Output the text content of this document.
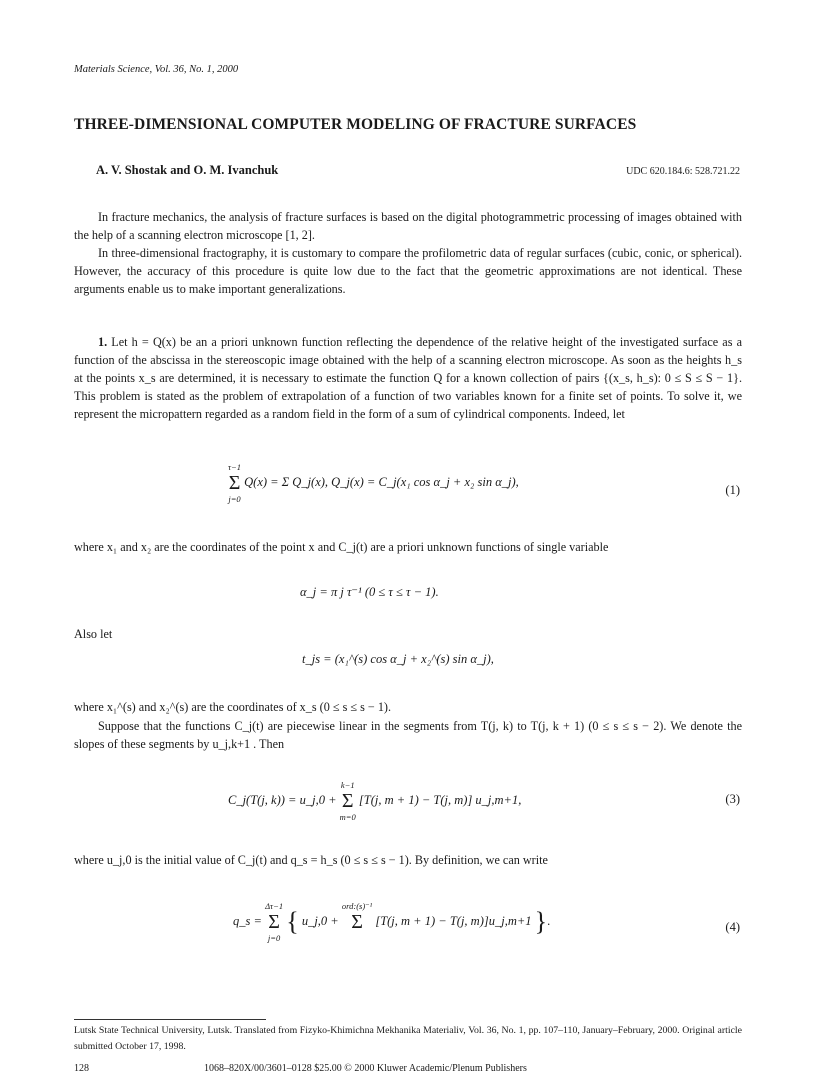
Materials Science, Vol. 36, No. 1, 2000
THREE-DIMENSIONAL COMPUTER MODELING OF FRACTURE SURFACES
A. V. Shostak and O. M. Ivanchuk	UDC 620.184.6: 528.721.22

In fracture mechanics, the analysis of fracture surfaces is based on the digital photogrammetric processing of images obtained with the help of a scanning electron microscope [1, 2].

In three-dimensional fractography, it is customary to compare the profilometric data of regular surfaces (cubic, conic, or spherical). However, the accuracy of this procedure is quite low due to the fact that the geometric approximations are not identical. These arguments enable us to make important generalizations.

1. Let h = Q(x) be an a priori unknown function reflecting the dependence of the relative height of the investigated surface as a function of the abscissa in the stereoscopic image obtained with the help of a scanning electron microscope. As soon as the heights h_s at the points x_s are determined, it is necessary to estimate the function Q for a known collection of pairs {(x_s, h_s): 0 ≤ S ≤ S − 1}. This problem is stated as the problem of extrapolation of a function of two variables known for a finite set of points. To solve it, we represent the micropattern regarded as a random field in the form of a sum of cylindrical components. Indeed, let

τ−1
Σ
j=0
Q(x) = Σ Q_j(x), Q_j(x) = C_j(x₁ cos α_j + x₂ sin α_j),
(1)
where x₁ and x₂ are the coordinates of the point x and C_j(t) are a priori unknown functions of single variable
α_j = π j τ⁻¹ (0 ≤ τ ≤ τ − 1).
Also let
t_js = (x₁^(s) cos α_j + x₂^(s) sin α_j),
where x₁^(s) and x₂^(s) are the coordinates of x_s (0 ≤ s ≤ s − 1).

Suppose that the functions C_j(t) are piecewise linear in the segments from T(j, k) to T(j, k + 1) (0 ≤ s ≤ s − 2). We denote the slopes of these segments by u_j,k+1 . Then

C_j(T(j, k)) = u_j,0 +
k−1
Σ
m=0
[T(j, m + 1) − T(j, m)] u_j,m+1,	(3)
where u_j,0 is the initial value of C_j(t) and q_s = h_s (0 ≤ s ≤ s − 1). By definition, we can write
q_s =
Δτ−1
Σ
j=0
{ u_j,0 +
ord:(s)⁻¹
Σ
[T(j, m + 1) − T(j, m)]u_j,m+1 }.	(4)
Lutsk State Technical University, Lutsk. Translated from Fizyko-Khimichna Mekhanika Materialiv, Vol. 36, No. 1, pp. 107–110, January–February, 2000. Original article submitted October 17, 1998.
128	1068–820X/00/3601–0128 $25.00 © 2000 Kluwer Academic/Plenum Publishers
